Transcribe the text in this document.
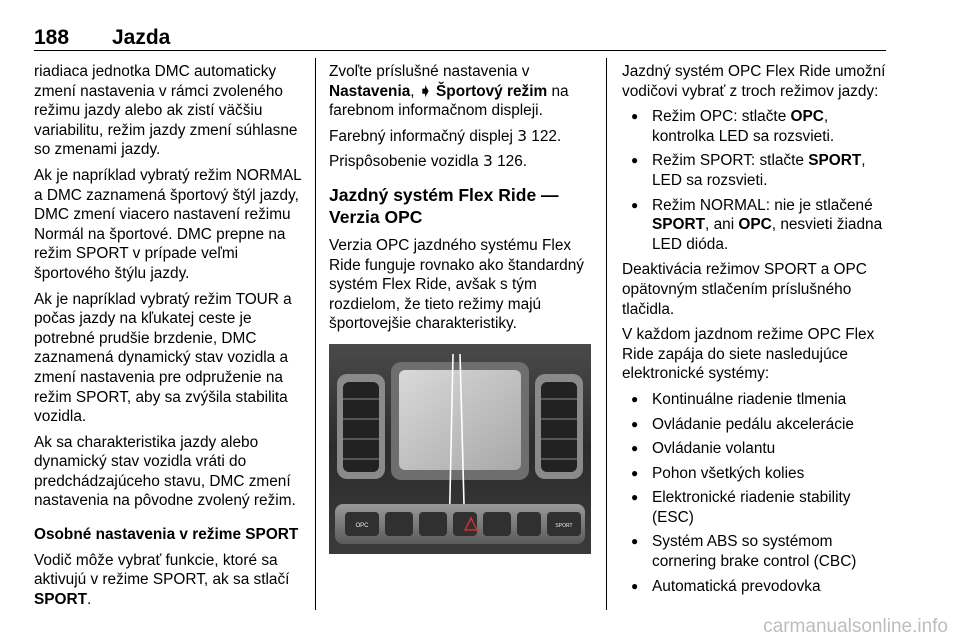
188 Jazda

riadiaca jednotka DMC automaticky zmení nastavenia v rámci zvoleného režimu jazdy alebo ak zistí väčšiu variabilitu, režim jazdy zmení súhlasne so zmenami jazdy.

Ak je napríklad vybratý režim NORMAL a DMC zaznamená športový štýl jazdy, DMC zmení viacero nastavení režimu Normál na športové. DMC prepne na režim SPORT v prípade veľmi športového štýlu jazdy.

Ak je napríklad vybratý režim TOUR a počas jazdy na kľukatej ceste je potrebné prudšie brzdenie, DMC zaznamená dynamický stav vozidla a zmení nastavenia pre odpruženie na režim SPORT, aby sa zvýšila stabilita vozidla.

Ak sa charakteristika jazdy alebo dynamický stav vozidla vráti do predchádzajúceho stavu, DMC zmení nastavenia na pôvodne zvolený režim.

Osobné nastavenia v režime SPORT

Vodič môže vybrať funkcie, ktoré sa aktivujú v režime SPORT, ak sa stlačí SPORT.

Zvoľte príslušné nastavenia v Nastavenia, ➧ Športový režim na farebnom informačnom displeji.

Farebný informačný displej 3 122.

Prispôsobenie vozidla 3 126.

Jazdný systém Flex Ride — Verzia OPC

Verzia OPC jazdného systému Flex Ride funguje rovnako ako štandardný systém Flex Ride, avšak s tým rozdielom, že tieto režimy majú športovejšie charakteristiky.

OPC	SPORT

Jazdný systém OPC Flex Ride umožní vodičovi vybrať z troch režimov jazdy:

● Režim OPC: stlačte OPC, kontrolka LED sa rozsvieti.
● Režim SPORT: stlačte SPORT, LED sa rozsvieti.
● Režim NORMAL: nie je stlačené SPORT, ani OPC, nesvieti žiadna LED dióda.

Deaktivácia režimov SPORT a OPC opätovným stlačením príslušného tlačidla.

V každom jazdnom režime OPC Flex Ride zapája do siete nasledujúce elektronické systémy:

● Kontinuálne riadenie tlmenia
● Ovládanie pedálu akcelerácie
● Ovládanie volantu
● Pohon všetkých kolies
● Elektronické riadenie stability (ESC)
● Systém ABS so systémom cornering brake control (CBC)
● Automatická prevodovka
carmanualsonline.info
